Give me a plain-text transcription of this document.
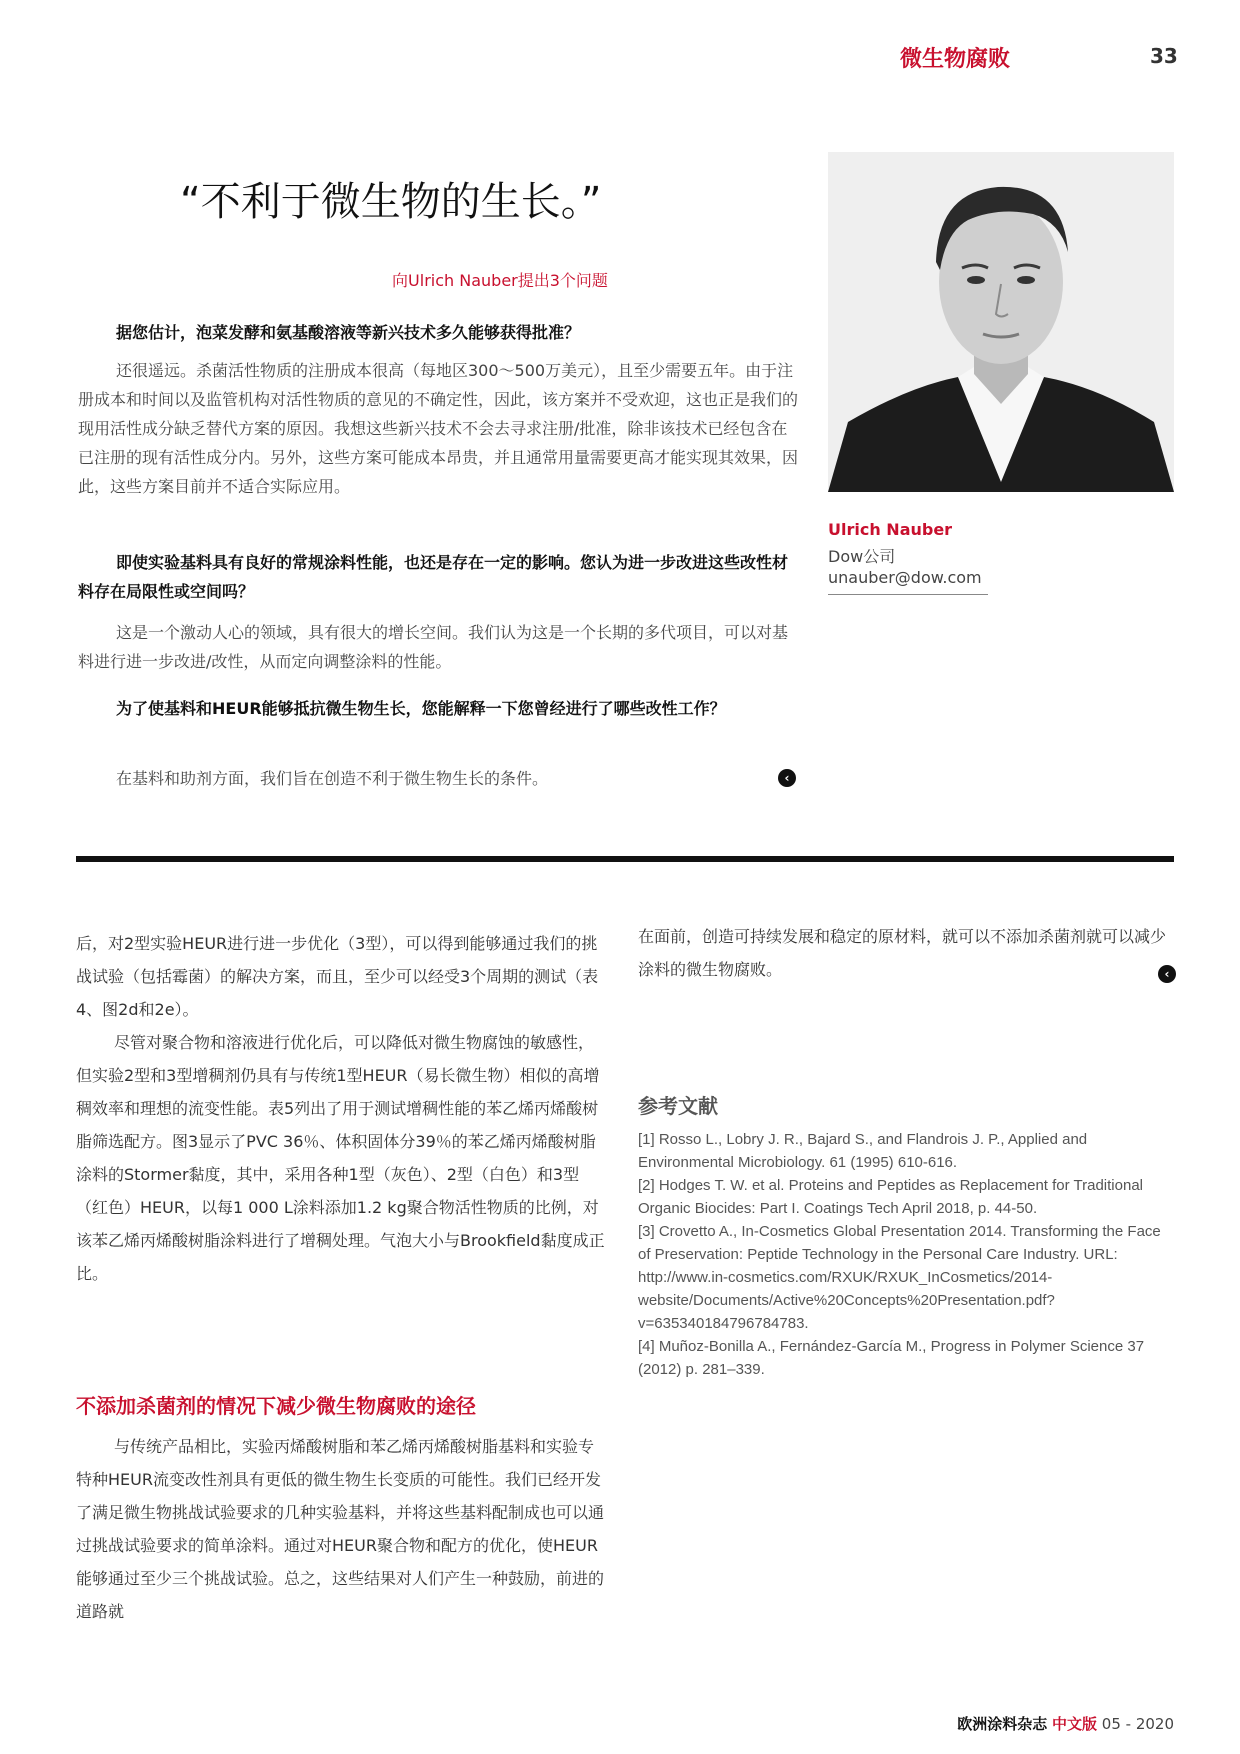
微生物腐败	33
“不利于微生物的生长。”
向Ulrich Nauber提出3个问题
据您估计，泡菜发酵和氨基酸溶液等新兴技术多久能够获得批准？
还很遥远。杀菌活性物质的注册成本很高（每地区300～500万美元），且至少需要五年。由于注册成本和时间以及监管机构对活性物质的意见的不确定性，因此，该方案并不受欢迎，这也正是我们的现用活性成分缺乏替代方案的原因。我想这些新兴技术不会去寻求注册/批准，除非该技术已经包含在已注册的现有活性成分内。另外，这些方案可能成本昂贵，并且通常用量需要更高才能实现其效果，因此，这些方案目前并不适合实际应用。
即使实验基料具有良好的常规涂料性能，也还是存在一定的影响。您认为进一步改进这些改性材料存在局限性或空间吗？
这是一个激动人心的领域，具有很大的增长空间。我们认为这是一个长期的多代项目，可以对基料进行进一步改进/改性，从而定向调整涂料的性能。
为了使基料和HEUR能够抵抗微生物生长，您能解释一下您曾经进行了哪些改性工作？
在基料和助剂方面，我们旨在创造不利于微生物生长的条件。	‹
Ulrich Nauber
Dow公司
unauber@dow.com
后，对2型实验HEUR进行进一步优化（3型），可以得到能够通过我们的挑战试验（包括霉菌）的解决方案，而且，至少可以经受3个周期的测试（表4、图2d和2e）。
尽管对聚合物和溶液进行优化后，可以降低对微生物腐蚀的敏感性，但实验2型和3型增稠剂仍具有与传统1型HEUR（易长微生物）相似的高增稠效率和理想的流变性能。表5列出了用于测试增稠性能的苯乙烯丙烯酸树脂筛选配方。图3显示了PVC 36％、体积固体分39％的苯乙烯丙烯酸树脂涂料的Stormer黏度，其中，采用各种1型（灰色）、2型（白色）和3型（红色）HEUR，以每1 000 L涂料添加1.2 kg聚合物活性物质的比例，对该苯乙烯丙烯酸树脂涂料进行了增稠处理。气泡大小与Brookfield黏度成正比。
不添加杀菌剂的情况下减少微生物腐败的途径
与传统产品相比，实验丙烯酸树脂和苯乙烯丙烯酸树脂基料和实验专特种HEUR流变改性剂具有更低的微生物生长变质的可能性。我们已经开发了满足微生物挑战试验要求的几种实验基料，并将这些基料配制成也可以通过挑战试验要求的简单涂料。通过对HEUR聚合物和配方的优化，使HEUR能够通过至少三个挑战试验。总之，这些结果对人们产生一种鼓励，前进的道路就
在面前，创造可持续发展和稳定的原材料，就可以不添加杀菌剂就可以减少涂料的微生物腐败。	‹
参考文献
[1] Rosso L., Lobry J. R., Bajard S., and Flandrois J. P., Applied and Environmental Microbiology. 61 (1995) 610-616.
[2] Hodges T. W. et al. Proteins and Peptides as Replacement for Traditional Organic Biocides: Part I. Coatings Tech April 2018, p. 44-50.
[3] Crovetto A., In-Cosmetics Global Presentation 2014. Transforming the Face of Preservation: Peptide Technology in the Personal Care Industry. URL: http://www.in-cosmetics.com/RXUK/RXUK_InCosmetics/2014-website/Documents/Active%20Concepts%20Presentation.pdf?v=635340184796784783.
[4] Muñoz-Bonilla A., Fernández-García M., Progress in Polymer Science 37 (2012) p. 281–339.
欧洲涂料杂志 中文版 05 - 2020
